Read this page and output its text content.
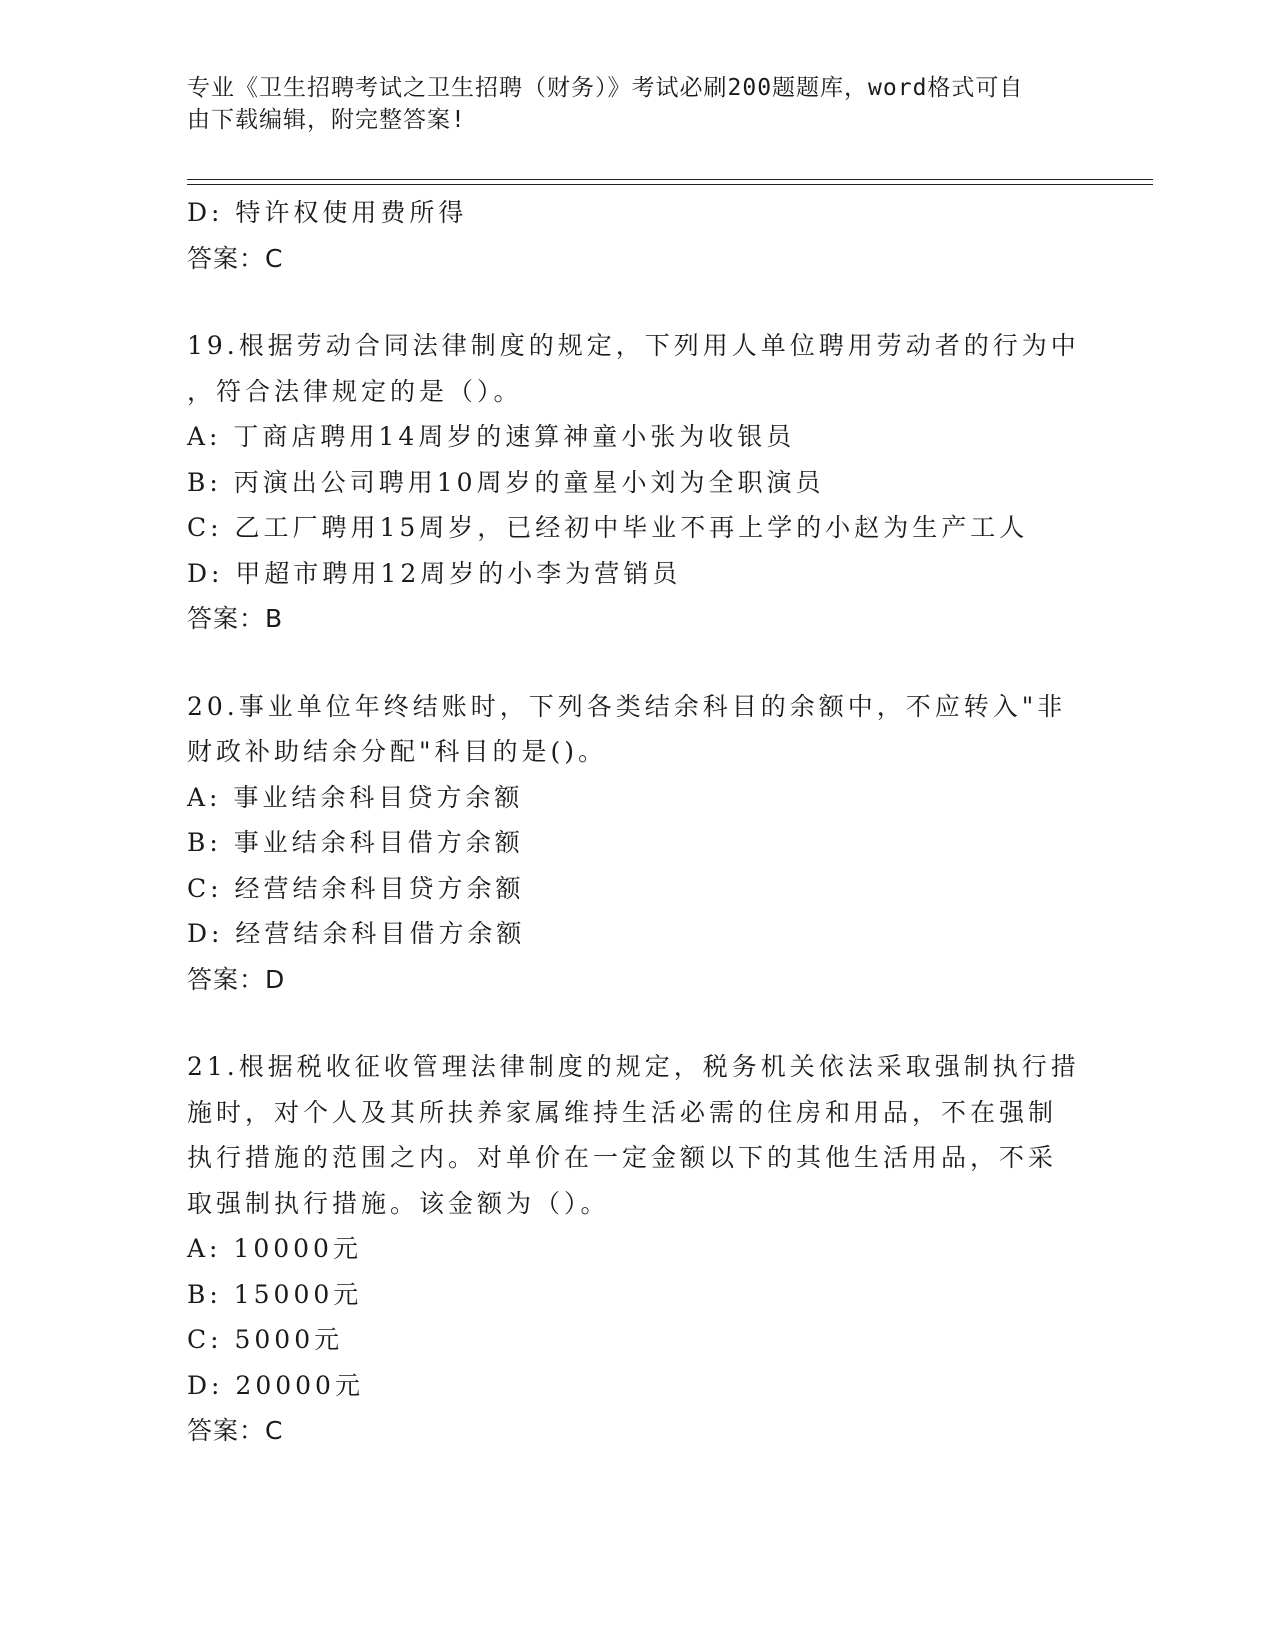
专业《卫生招聘考试之卫生招聘（财务）》考试必刷200题题库，word格式可自
由下载编辑，附完整答案!
D: 特许权使用费所得
答案：C
19.根据劳动合同法律制度的规定，下列用人单位聘用劳动者的行为中
，符合法律规定的是（）。
A: 丁商店聘用14周岁的速算神童小张为收银员
B: 丙演出公司聘用10周岁的童星小刘为全职演员
C: 乙工厂聘用15周岁，已经初中毕业不再上学的小赵为生产工人
D: 甲超市聘用12周岁的小李为营销员
答案：B
20.事业单位年终结账时，下列各类结余科目的余额中，不应转入"非
财政补助结余分配"科目的是()。
A: 事业结余科目贷方余额
B: 事业结余科目借方余额
C: 经营结余科目贷方余额
D: 经营结余科目借方余额
答案：D
21.根据税收征收管理法律制度的规定，税务机关依法采取强制执行措
施时，对个人及其所扶养家属维持生活必需的住房和用品，不在强制
执行措施的范围之内。对单价在一定金额以下的其他生活用品，不采
取强制执行措施。该金额为（）。
A: 10000元
B: 15000元
C: 5000元
D: 20000元
答案：C
